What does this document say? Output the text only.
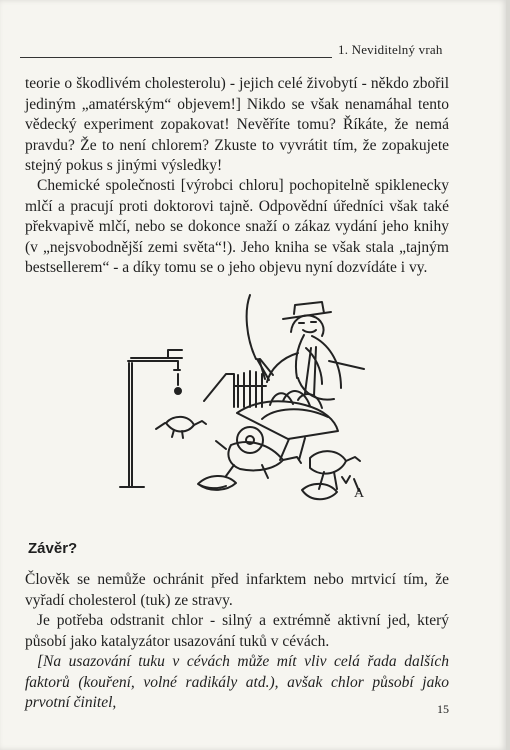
1. Neviditelný vrah

teorie o škodlivém cholesterolu) - jejich celé živobytí - někdo zbořil jediným „amatérským“ objevem!] Nikdo se však nenamáhal tento vědecký experiment zopakovat! Nevěříte tomu? Říkáte, že nemá pravdu? Že to není chlorem? Zkuste to vyvrátit tím, že zopakujete stejný pokus s jinými výsledky!

Chemické společnosti [výrobci chloru] pochopitelně spiklenecky mlčí a pracují proti doktorovi tajně. Odpovědní úředníci však také překvapivě mlčí, nebo se dokonce snaží o zákaz vydání jeho knihy (v „nejsvobodnější zemi světa“!). Jeho kniha se však stala „tajným bestsellerem“ - a díky tomu se o jeho objevu nyní dozvídáte i vy.

A
Závěr?

Člověk se nemůže ochránit před infarktem nebo mrtvicí tím, že vyřadí cholesterol (tuk) ze stravy.

Je potřeba odstranit chlor - silný a extrémně aktivní jed, který působí jako katalyzátor usazování tuků v cévách.

[Na usazování tuku v cévách může mít vliv celá řada dalších faktorů (kouření, volné radikály atd.), avšak chlor působí jako prvotní činitel,	15
